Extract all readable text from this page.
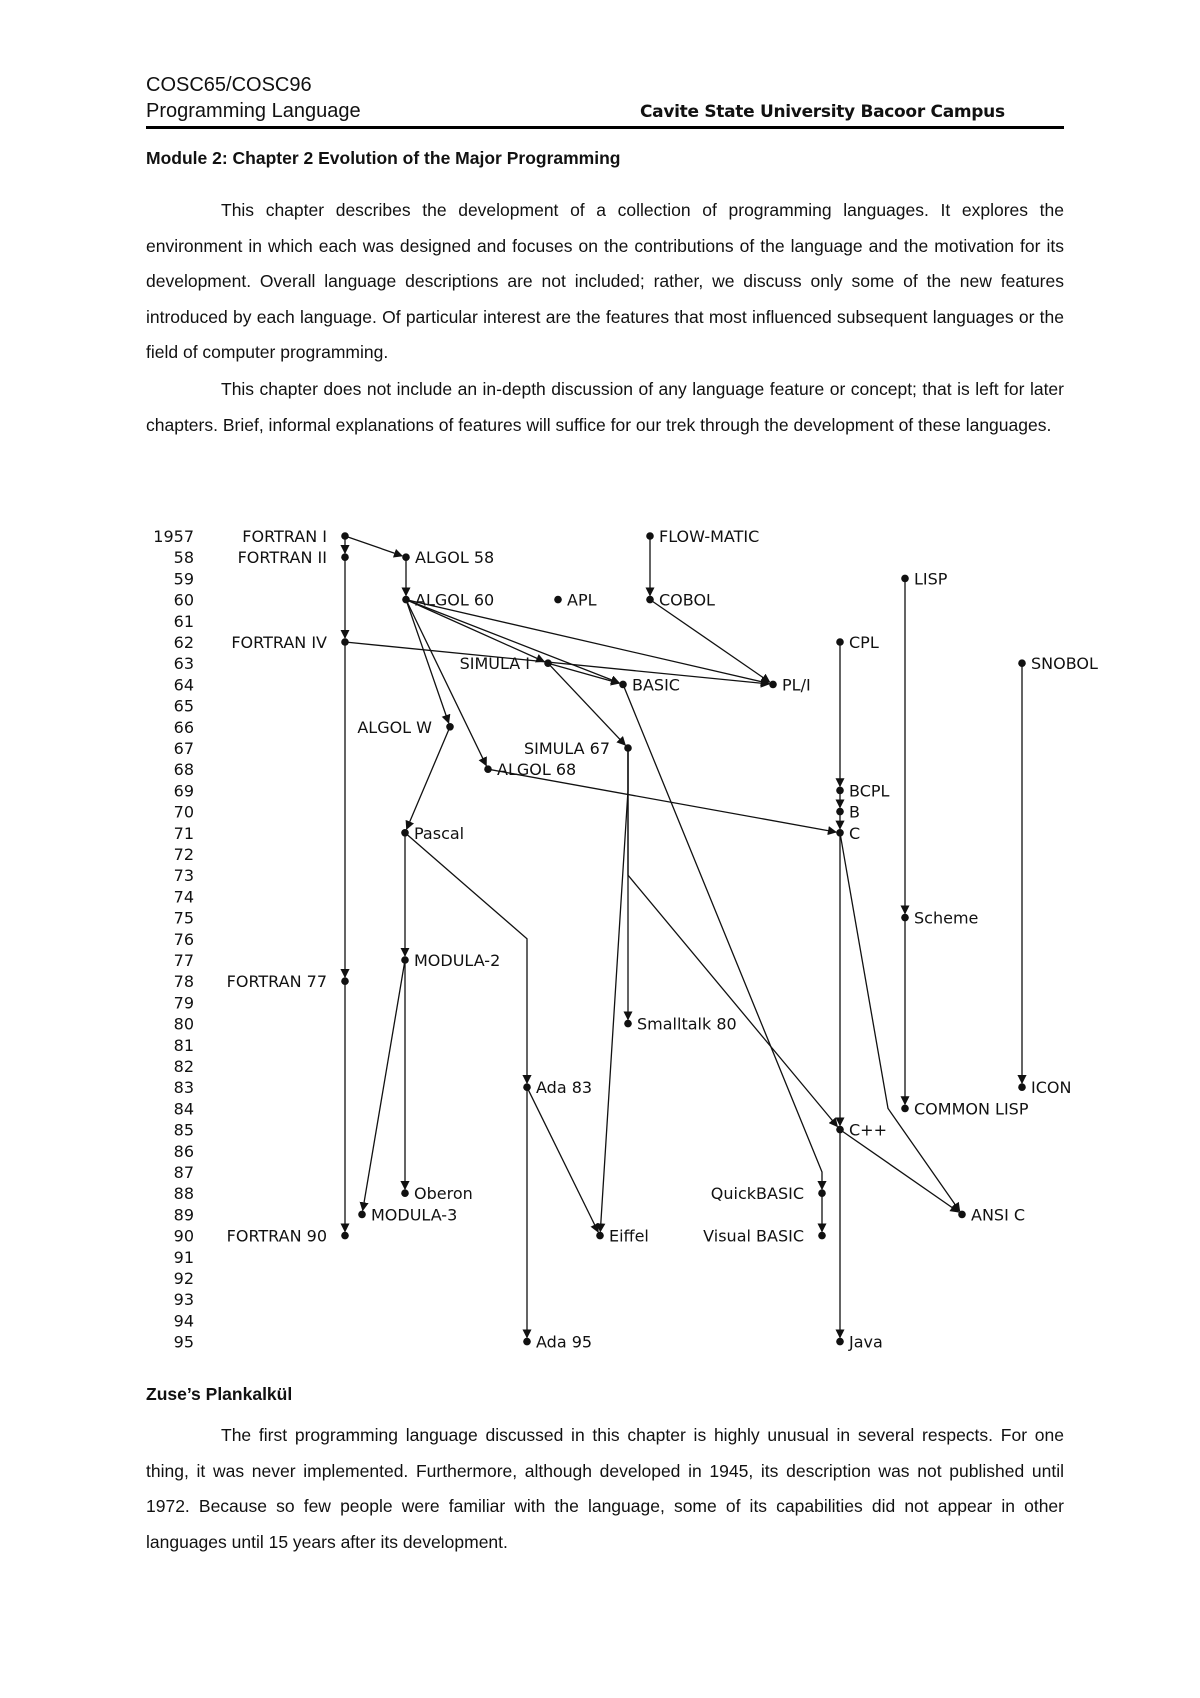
COSC65/COSC96
Programming Language	Cavite State University Bacoor Campus
Module 2: Chapter 2 Evolution of the Major Programming

This chapter describes the development of a collection of programming languages. It explores the environment in which each was designed and focuses on the contributions of the language and the motivation for its development. Overall language descriptions are not included; rather, we discuss only some of the new features introduced by each language. Of particular interest are the features that most influenced subsequent languages or the field of computer programming.

This chapter does not include an in-depth discussion of any language feature or concept; that is left for later chapters. Brief, informal explanations of features will suffice for our trek through the development of these languages.

1957
58
59
60
61
62
63
64
65
66
67
68
69
70
71
72
73
74
75
76
77
78
79
80
81
82
83
84
85
86
87
88
89
90
91
92
93
94
95
FORTRAN I
FORTRAN II
FORTRAN IV
FORTRAN 77
FORTRAN 90
ALGOL 58
ALGOL 60	APL
FLOW-MATIC
COBOL
LISP
CPL
SNOBOL
SIMULA I
BASIC	PL/I
ALGOL W
SIMULA 67
ALGOL 68
BCPL
B
C
Pascal
Scheme
MODULA-2
Smalltalk 80
Ada 83	ICON
COMMON LISP
C++
QuickBASIC
Oberon
MODULA-3	ANSI C
Eiffel	Visual BASIC
Ada 95	Java
Zuse’s Plankalkül

The first programming language discussed in this chapter is highly unusual in several respects. For one thing, it was never implemented. Furthermore, although developed in 1945, its description was not published until 1972. Because so few people were familiar with the language, some of its capabilities did not appear in other languages until 15 years after its development.
